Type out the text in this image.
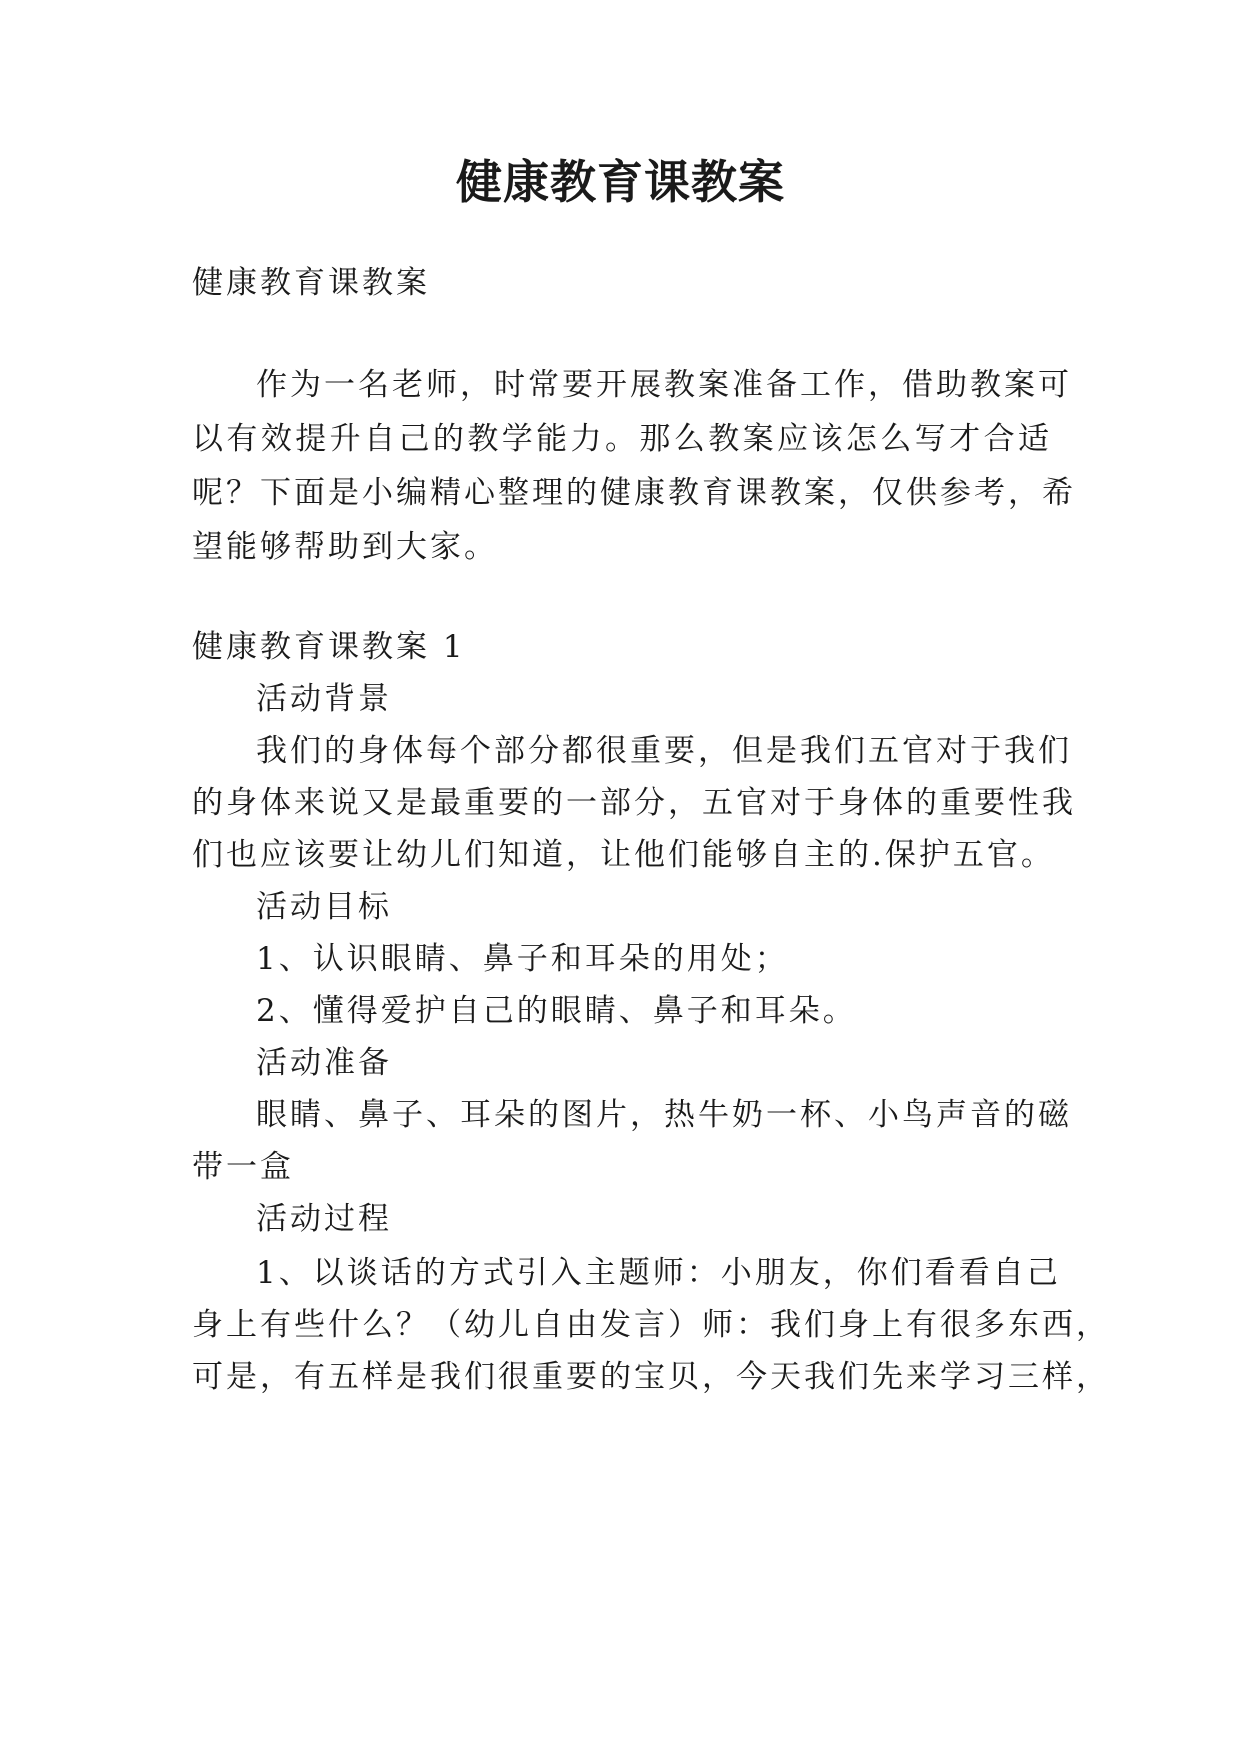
健康教育课教案
健康教育课教案
作为一名老师，时常要开展教案准备工作，借助教案可
以有效提升自己的教学能力。那么教案应该怎么写才合适
呢？下面是小编精心整理的健康教育课教案，仅供参考，希
望能够帮助到大家。
健康教育课教案 1
活动背景
我们的身体每个部分都很重要，但是我们五官对于我们
的身体来说又是最重要的一部分，五官对于身体的重要性我
们也应该要让幼儿们知道，让他们能够自主的.保护五官。
活动目标
1、认识眼睛、鼻子和耳朵的用处；
2、懂得爱护自己的眼睛、鼻子和耳朵。
活动准备
眼睛、鼻子、耳朵的图片，热牛奶一杯、小鸟声音的磁
带一盒
活动过程
1、以谈话的方式引入主题师：小朋友，你们看看自己
身上有些什么？（幼儿自由发言）师：我们身上有很多东西，
可是，有五样是我们很重要的宝贝，今天我们先来学习三样，
